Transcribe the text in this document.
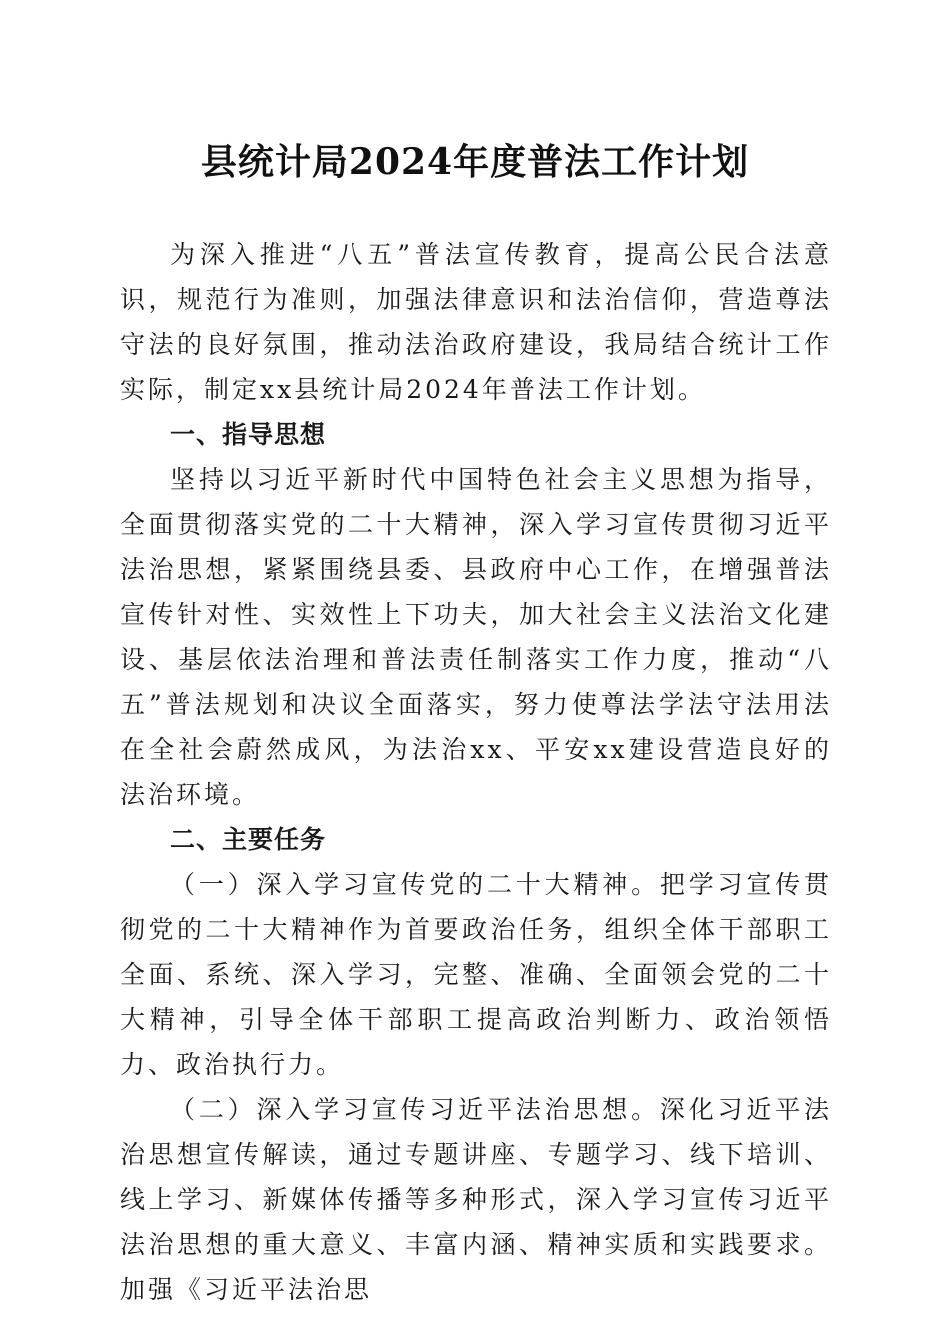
县统计局2024年度普法工作计划

为深入推进“八五”普法宣传教育，提高公民合法意识，规范行为准则，加强法律意识和法治信仰，营造尊法守法的良好氛围，推动法治政府建设，我局结合统计工作实际，制定xx县统计局2024年普法工作计划。

一、指导思想

坚持以习近平新时代中国特色社会主义思想为指导，全面贯彻落实党的二十大精神，深入学习宣传贯彻习近平法治思想，紧紧围绕县委、县政府中心工作，在增强普法宣传针对性、实效性上下功夫，加大社会主义法治文化建设、基层依法治理和普法责任制落实工作力度，推动“八五”普法规划和决议全面落实，努力使尊法学法守法用法在全社会蔚然成风，为法治xx、平安xx建设营造良好的法治环境。

二、主要任务

（一）深入学习宣传党的二十大精神。把学习宣传贯彻党的二十大精神作为首要政治任务，组织全体干部职工全面、系统、深入学习，完整、准确、全面领会党的二十大精神，引导全体干部职工提高政治判断力、政治领悟力、政治执行力。

（二）深入学习宣传习近平法治思想。深化习近平法治思想宣传解读，通过专题讲座、专题学习、线下培训、线上学习、新媒体传播等多种形式，深入学习宣传习近平法治思想的重大意义、丰富内涵、精神实质和实践要求。加强《习近平法治思
